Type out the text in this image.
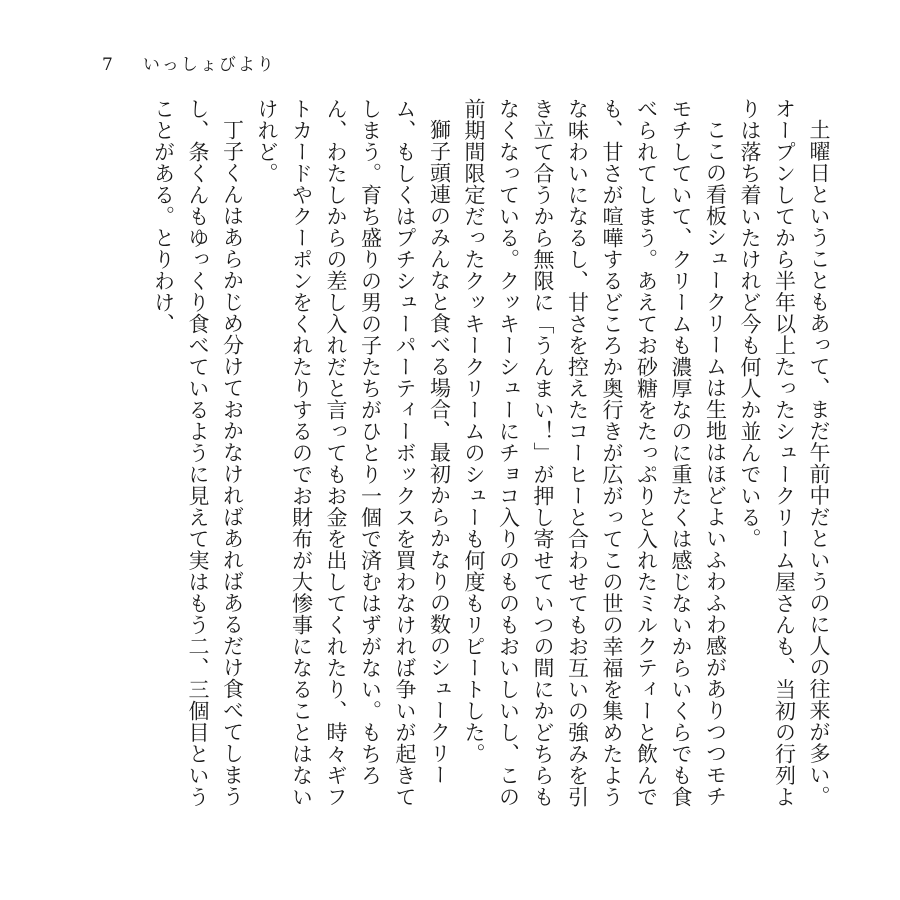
7 いっしょびより

土曜日ということもあって、まだ午前中だというのに人の往来が多い。オープンしてから半年以上たったシュークリーム屋さんも、当初の行列よりは落ち着いたけれど今も何人か並んでいる。

ここの看板シュークリームは生地はほどよいふわふわ感がありつつモチモチしていて、クリームも濃厚なのに重たくは感じないからいくらでも食べられてしまう。あえてお砂糖をたっぷりと入れたミルクティーと飲んでも、甘さが喧嘩するどころか奥行きが広がってこの世の幸福を集めたような味わいになるし、甘さを控えたコーヒーと合わせてもお互いの強みを引き立て合うから無限に「うんまい！」が押し寄せていつの間にかどちらもなくなっている。クッキーシューにチョコ入りのものもおいしいし、この前期間限定だったクッキークリームのシューも何度もリピートした。

獅子頭連のみんなと食べる場合、最初からかなりの数のシュークリーム、もしくはプチシューパーティーボックスを買わなければ争いが起きてしまう。育ち盛りの男の子たちがひとり一個で済むはずがない。もちろん、わたしからの差し入れだと言ってもお金を出してくれたり、時々ギフトカードやクーポンをくれたりするのでお財布が大惨事になることはないけれど。

丁子くんはあらかじめ分けておかなければあればあるだけ食べてしまうし、条くんもゆっくり食べているように見えて実はもう二、三個目ということがある。とりわけ、
